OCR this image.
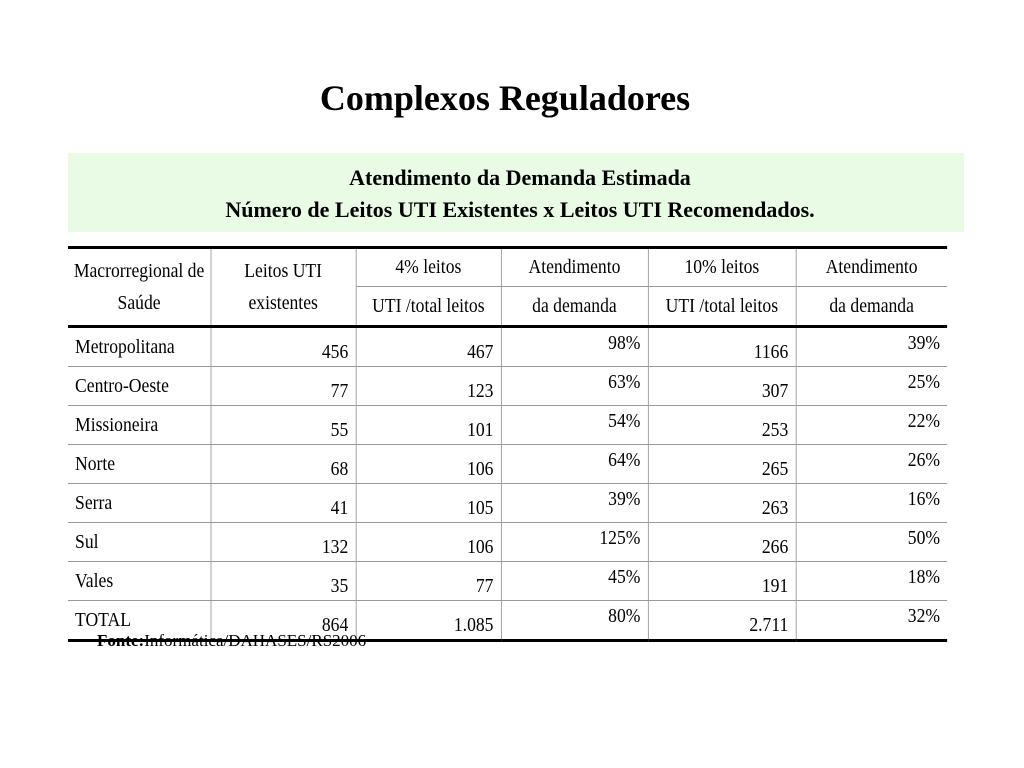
Complexos Reguladores
Atendimento da Demanda Estimada
Número de Leitos UTI Existentes x Leitos UTI Recomendados.
Macrorregional de Saúde	Leitos UTI existentes	4% leitos	Atendimento	10% leitos	Atendimento
		UTI /total leitos	da demanda	UTI /total leitos	da demanda
Metropolitana	456	467	98%	1166	39%
Centro-Oeste	77	123	63%	307	25%
Missioneira	55	101	54%	253	22%
Norte	68	106	64%	265	26%
Serra	41	105	39%	263	16%
Sul	132	106	125%	266	50%
Vales	35	77	45%	191	18%
TOTAL	864	1.085	80%	2.711	32%
Fonte:Informática/DAHASES/RS2006
